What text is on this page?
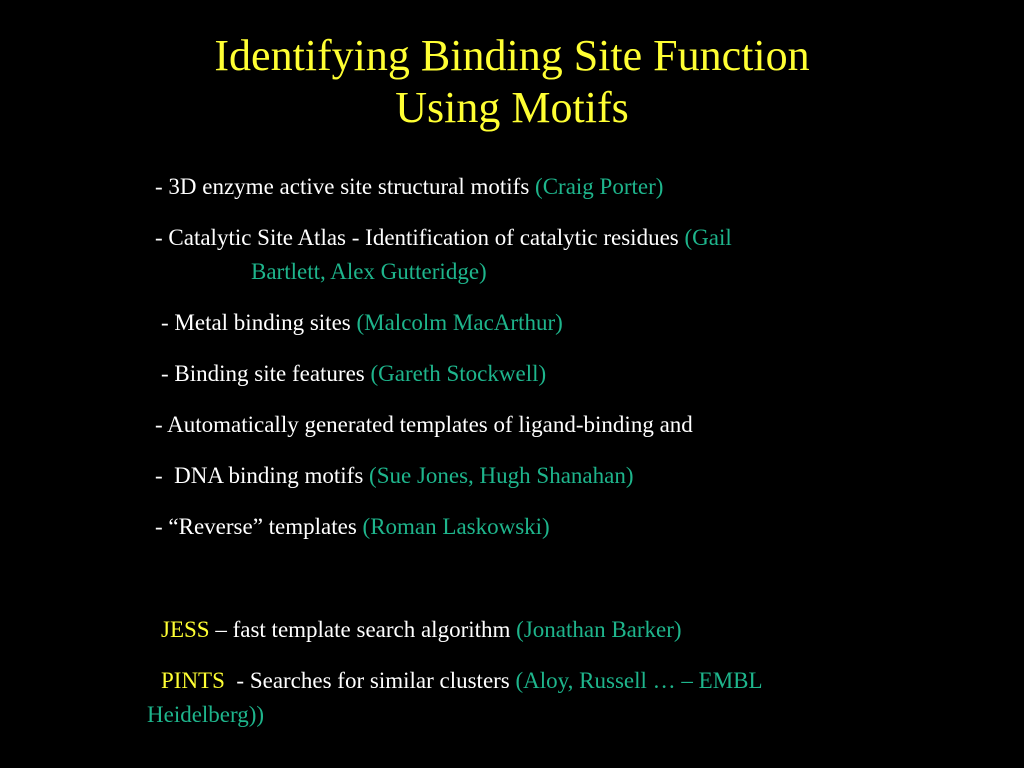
Identifying Binding Site Function
Using Motifs
- 3D enzyme active site structural motifs (Craig Porter)
- Catalytic Site Atlas - Identification of catalytic residues (Gail
Bartlett, Alex Gutteridge)
- Metal binding sites (Malcolm MacArthur)
- Binding site features (Gareth Stockwell)
- Automatically generated templates of ligand-binding and
-  DNA binding motifs (Sue Jones, Hugh Shanahan)
- “Reverse” templates (Roman Laskowski)
JESS – fast template search algorithm (Jonathan Barker)
PINTS  - Searches for similar clusters (Aloy, Russell … – EMBL
Heidelberg))
